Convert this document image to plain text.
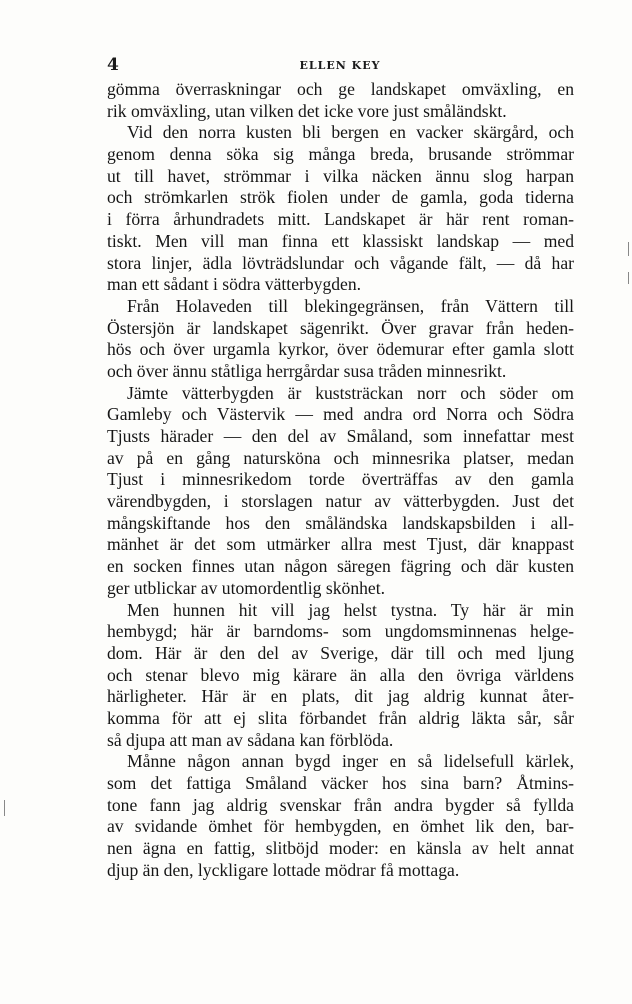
4	ELLEN KEY
gömma överraskningar och ge landskapet omväxling, en
rik omväxling, utan vilken det icke vore just småländskt.
Vid den norra kusten bli bergen en vacker skärgård, och
genom denna söka sig många breda, brusande strömmar
ut till havet, strömmar i vilka näcken ännu slog harpan
och strömkarlen strök fiolen under de gamla, goda tiderna
i förra århundradets mitt. Landskapet är här rent roman-
tiskt. Men vill man finna ett klassiskt landskap — med
stora linjer, ädla lövträdslundar och vågande fält, — då har
man ett sådant i södra vätterbygden.
Från Holaveden till blekingegränsen, från Vättern till
Östersjön är landskapet sägenrikt. Över gravar från heden-
hös och över urgamla kyrkor, över ödemurar efter gamla slott
och över ännu ståtliga herrgårdar susa tråden minnesrikt.
Jämte vätterbygden är kuststräckan norr och söder om
Gamleby och Västervik — med andra ord Norra och Södra
Tjusts härader — den del av Småland, som innefattar mest
av på en gång natursköna och minnesrika platser, medan
Tjust i minnesrikedom torde överträffas av den gamla
värendbygden, i storslagen natur av vätterbygden. Just det
mångskiftande hos den småländska landskapsbilden i all-
mänhet är det som utmärker allra mest Tjust, där knappast
en socken finnes utan någon säregen fägring och där kusten
ger utblickar av utomordentlig skönhet.
Men hunnen hit vill jag helst tystna. Ty här är min
hembygd; här är barndoms- som ungdomsminnenas helge-
dom. Här är den del av Sverige, där till och med ljung
och stenar blevo mig kärare än alla den övriga världens
härligheter. Här är en plats, dit jag aldrig kunnat åter-
komma för att ej slita förbandet från aldrig läkta sår, sår
så djupa att man av sådana kan förblöda.
Månne någon annan bygd inger en så lidelsefull kärlek,
som det fattiga Småland väcker hos sina barn? Åtmins-
tone fann jag aldrig svenskar från andra bygder så fyllda
av svidande ömhet för hembygden, en ömhet lik den, bar-
nen ägna en fattig, slitböjd moder: en känsla av helt annat
djup än den, lyckligare lottade mödrar få mottaga.
